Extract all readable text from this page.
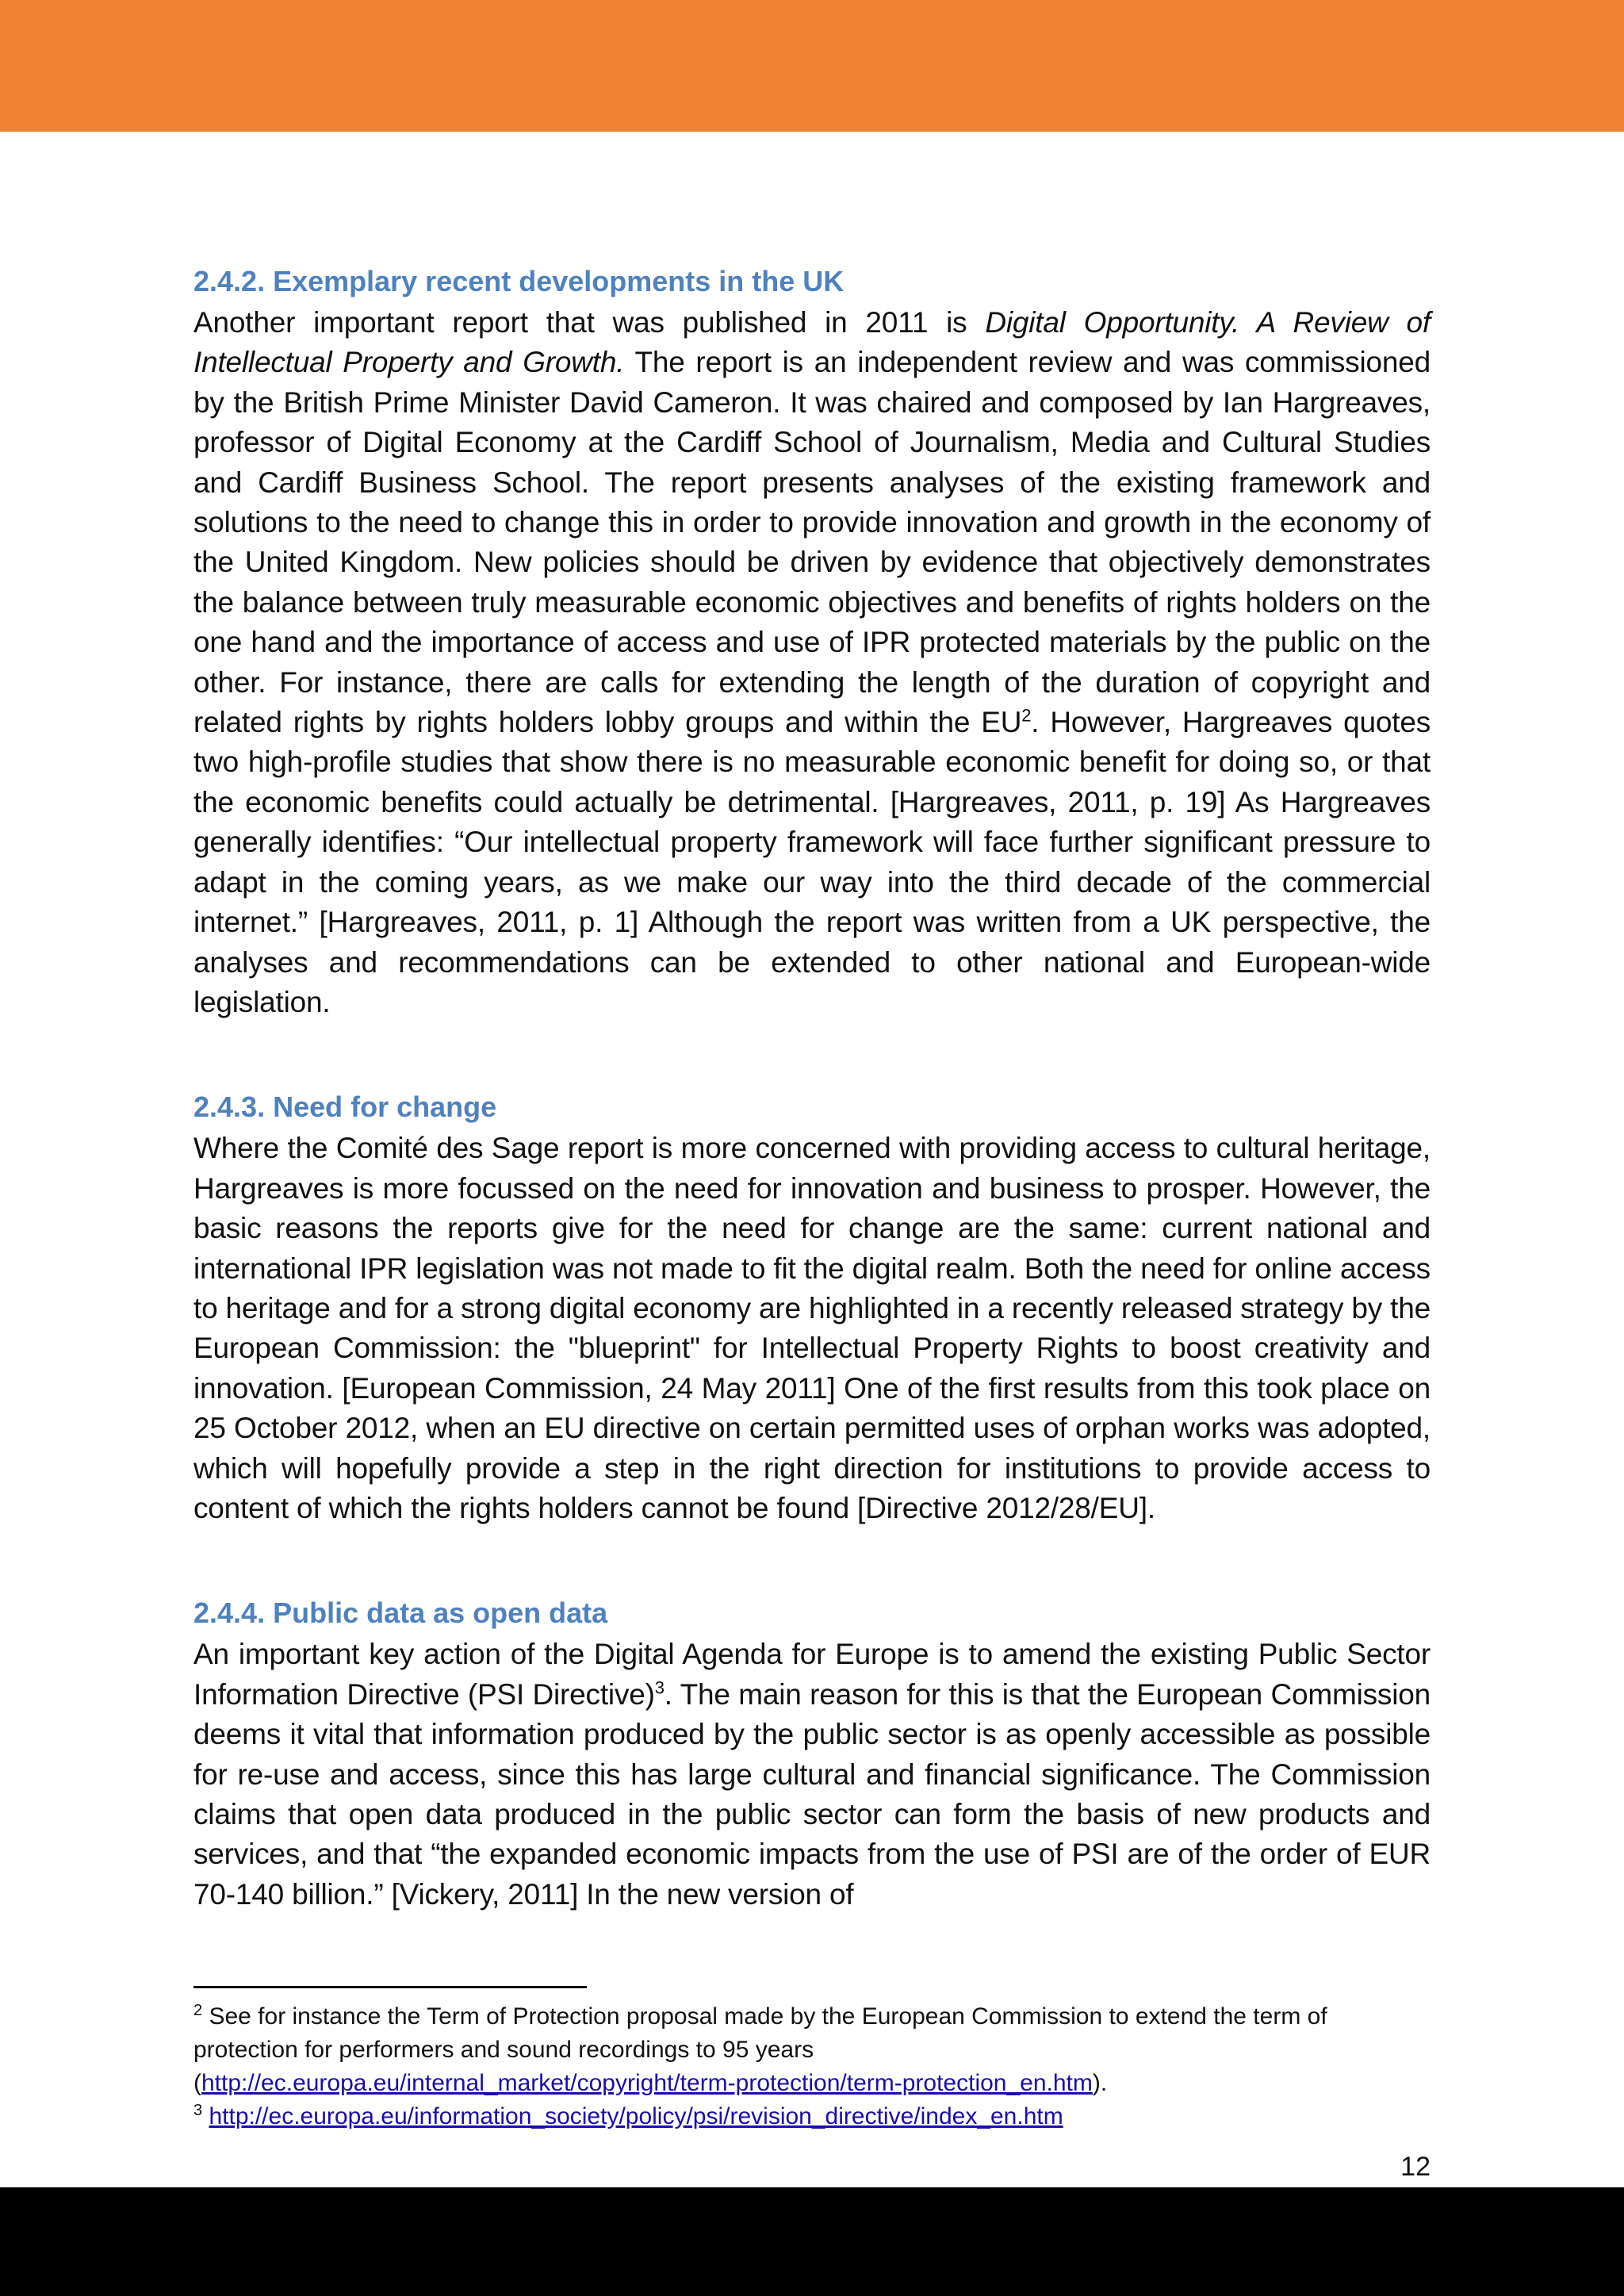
2.4.2. Exemplary recent developments in the UK

Another important report that was published in 2011 is Digital Opportunity. A Review of Intellectual Property and Growth. The report is an independent review and was commissioned by the British Prime Minister David Cameron. It was chaired and composed by Ian Hargreaves, professor of Digital Economy at the Cardiff School of Journalism, Media and Cultural Studies and Cardiff Business School. The report presents analyses of the existing framework and solutions to the need to change this in order to provide innovation and growth in the economy of the United Kingdom. New policies should be driven by evidence that objectively demonstrates the balance between truly measurable economic objectives and benefits of rights holders on the one hand and the importance of access and use of IPR protected materials by the public on the other. For instance, there are calls for extending the length of the duration of copyright and related rights by rights holders lobby groups and within the $EU^2$. However, Hargreaves quotes two high-profile studies that show there is no measurable economic benefit for doing so, or that the economic benefits could actually be detrimental. [Hargreaves, 2011, p. 19] As Hargreaves generally identifies: “Our intellectual property framework will face further significant pressure to adapt in the coming years, as we make our way into the third decade of the commercial internet.” [Hargreaves, 2011, p. 1] Although the report was written from a UK perspective, the analyses and recommendations can be extended to other national and European-wide legislation.

2.4.3. Need for change

Where the Comité des Sage report is more concerned with providing access to cultural heritage, Hargreaves is more focussed on the need for innovation and business to prosper. However, the basic reasons the reports give for the need for change are the same: current national and international IPR legislation was not made to fit the digital realm. Both the need for online access to heritage and for a strong digital economy are highlighted in a recently released strategy by the European Commission: the "blueprint" for Intellectual Property Rights to boost creativity and innovation. [European Commission, 24 May 2011] One of the first results from this took place on 25 October 2012, when an EU directive on certain permitted uses of orphan works was adopted, which will hopefully provide a step in the right direction for institutions to provide access to content of which the rights holders cannot be found [Directive 2012/28/EU].

2.4.4. Public data as open data

An important key action of the Digital Agenda for Europe is to amend the existing Public Sector Information Directive (PSI Directive)$^3$. The main reason for this is that the European Commission deems it vital that information produced by the public sector is as openly accessible as possible for re-use and access, since this has large cultural and financial significance. The Commission claims that open data produced in the public sector can form the basis of new products and services, and that “the expanded economic impacts from the use of PSI are of the order of EUR 70-140 billion.” [Vickery, 2011] In the new version of

$^2$ See for instance the Term of Protection proposal made by the European Commission to extend the term of protection for performers and sound recordings to 95 years
(http://ec.europa.eu/internal_market/copyright/term-protection/term-protection_en.htm).

$^3$ http://ec.europa.eu/information_society/policy/psi/revision_directive/index_en.htm

12
